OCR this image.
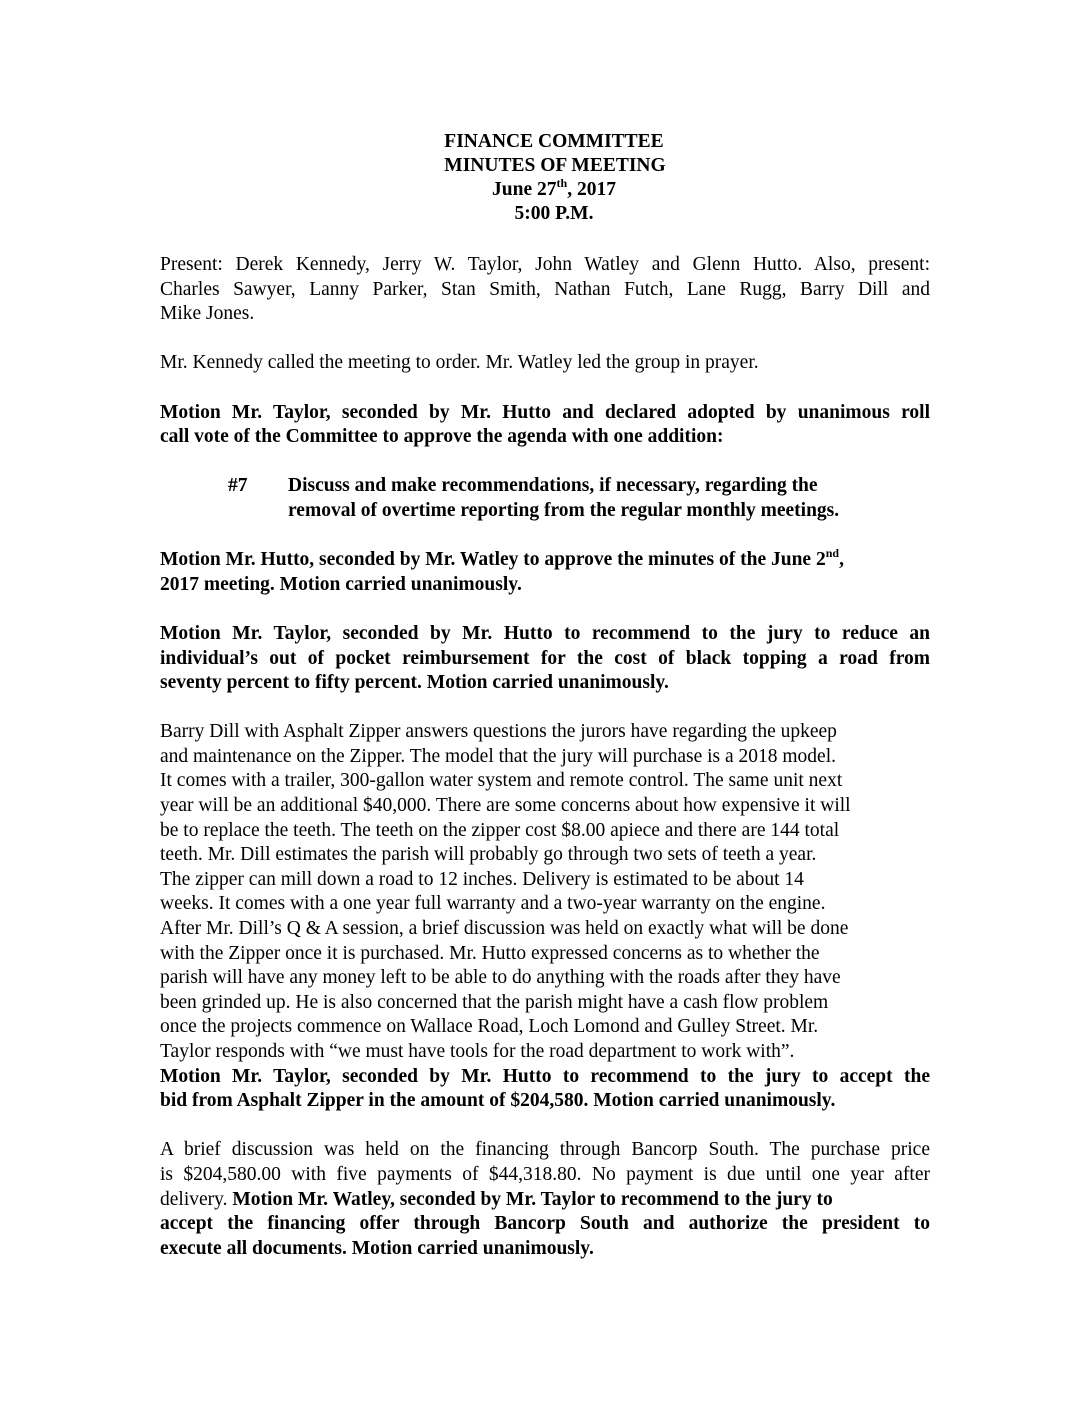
FINANCE COMMITTEE
MINUTES OF MEETING
June 27th, 2017
5:00 P.M.

Present: Derek Kennedy, Jerry W. Taylor, John Watley and Glenn Hutto. Also, present:
Charles Sawyer, Lanny Parker, Stan Smith, Nathan Futch, Lane Rugg, Barry Dill and
Mike Jones.

Mr. Kennedy called the meeting to order. Mr. Watley led the group in prayer.

Motion Mr. Taylor, seconded by Mr. Hutto and declared adopted by unanimous roll
call vote of the Committee to approve the agenda with one addition:

#7	Discuss and make recommendations, if necessary, regarding the
removal of overtime reporting from the regular monthly meetings.

Motion Mr. Hutto, seconded by Mr. Watley to approve the minutes of the June 2nd,
2017 meeting. Motion carried unanimously.

Motion Mr. Taylor, seconded by Mr. Hutto to recommend to the jury to reduce an
individual’s out of pocket reimbursement for the cost of black topping a road from
seventy percent to fifty percent. Motion carried unanimously.

Barry Dill with Asphalt Zipper answers questions the jurors have regarding the upkeep
and maintenance on the Zipper. The model that the jury will purchase is a 2018 model.
It comes with a trailer, 300-gallon water system and remote control. The same unit next
year will be an additional $40,000. There are some concerns about how expensive it will
be to replace the teeth. The teeth on the zipper cost $8.00 apiece and there are 144 total
teeth. Mr. Dill estimates the parish will probably go through two sets of teeth a year.
The zipper can mill down a road to 12 inches. Delivery is estimated to be about 14
weeks. It comes with a one year full warranty and a two-year warranty on the engine.
After Mr. Dill’s Q & A session, a brief discussion was held on exactly what will be done
with the Zipper once it is purchased. Mr. Hutto expressed concerns as to whether the
parish will have any money left to be able to do anything with the roads after they have
been grinded up. He is also concerned that the parish might have a cash flow problem
once the projects commence on Wallace Road, Loch Lomond and Gulley Street. Mr.
Taylor responds with “we must have tools for the road department to work with”.
Motion Mr. Taylor, seconded by Mr. Hutto to recommend to the jury to accept the
bid from Asphalt Zipper in the amount of $204,580. Motion carried unanimously.

A brief discussion was held on the financing through Bancorp South. The purchase price
is $204,580.00 with five payments of $44,318.80. No payment is due until one year after
delivery. Motion Mr. Watley, seconded by Mr. Taylor to recommend to the jury to
accept the financing offer through Bancorp South and authorize the president to
execute all documents. Motion carried unanimously.
